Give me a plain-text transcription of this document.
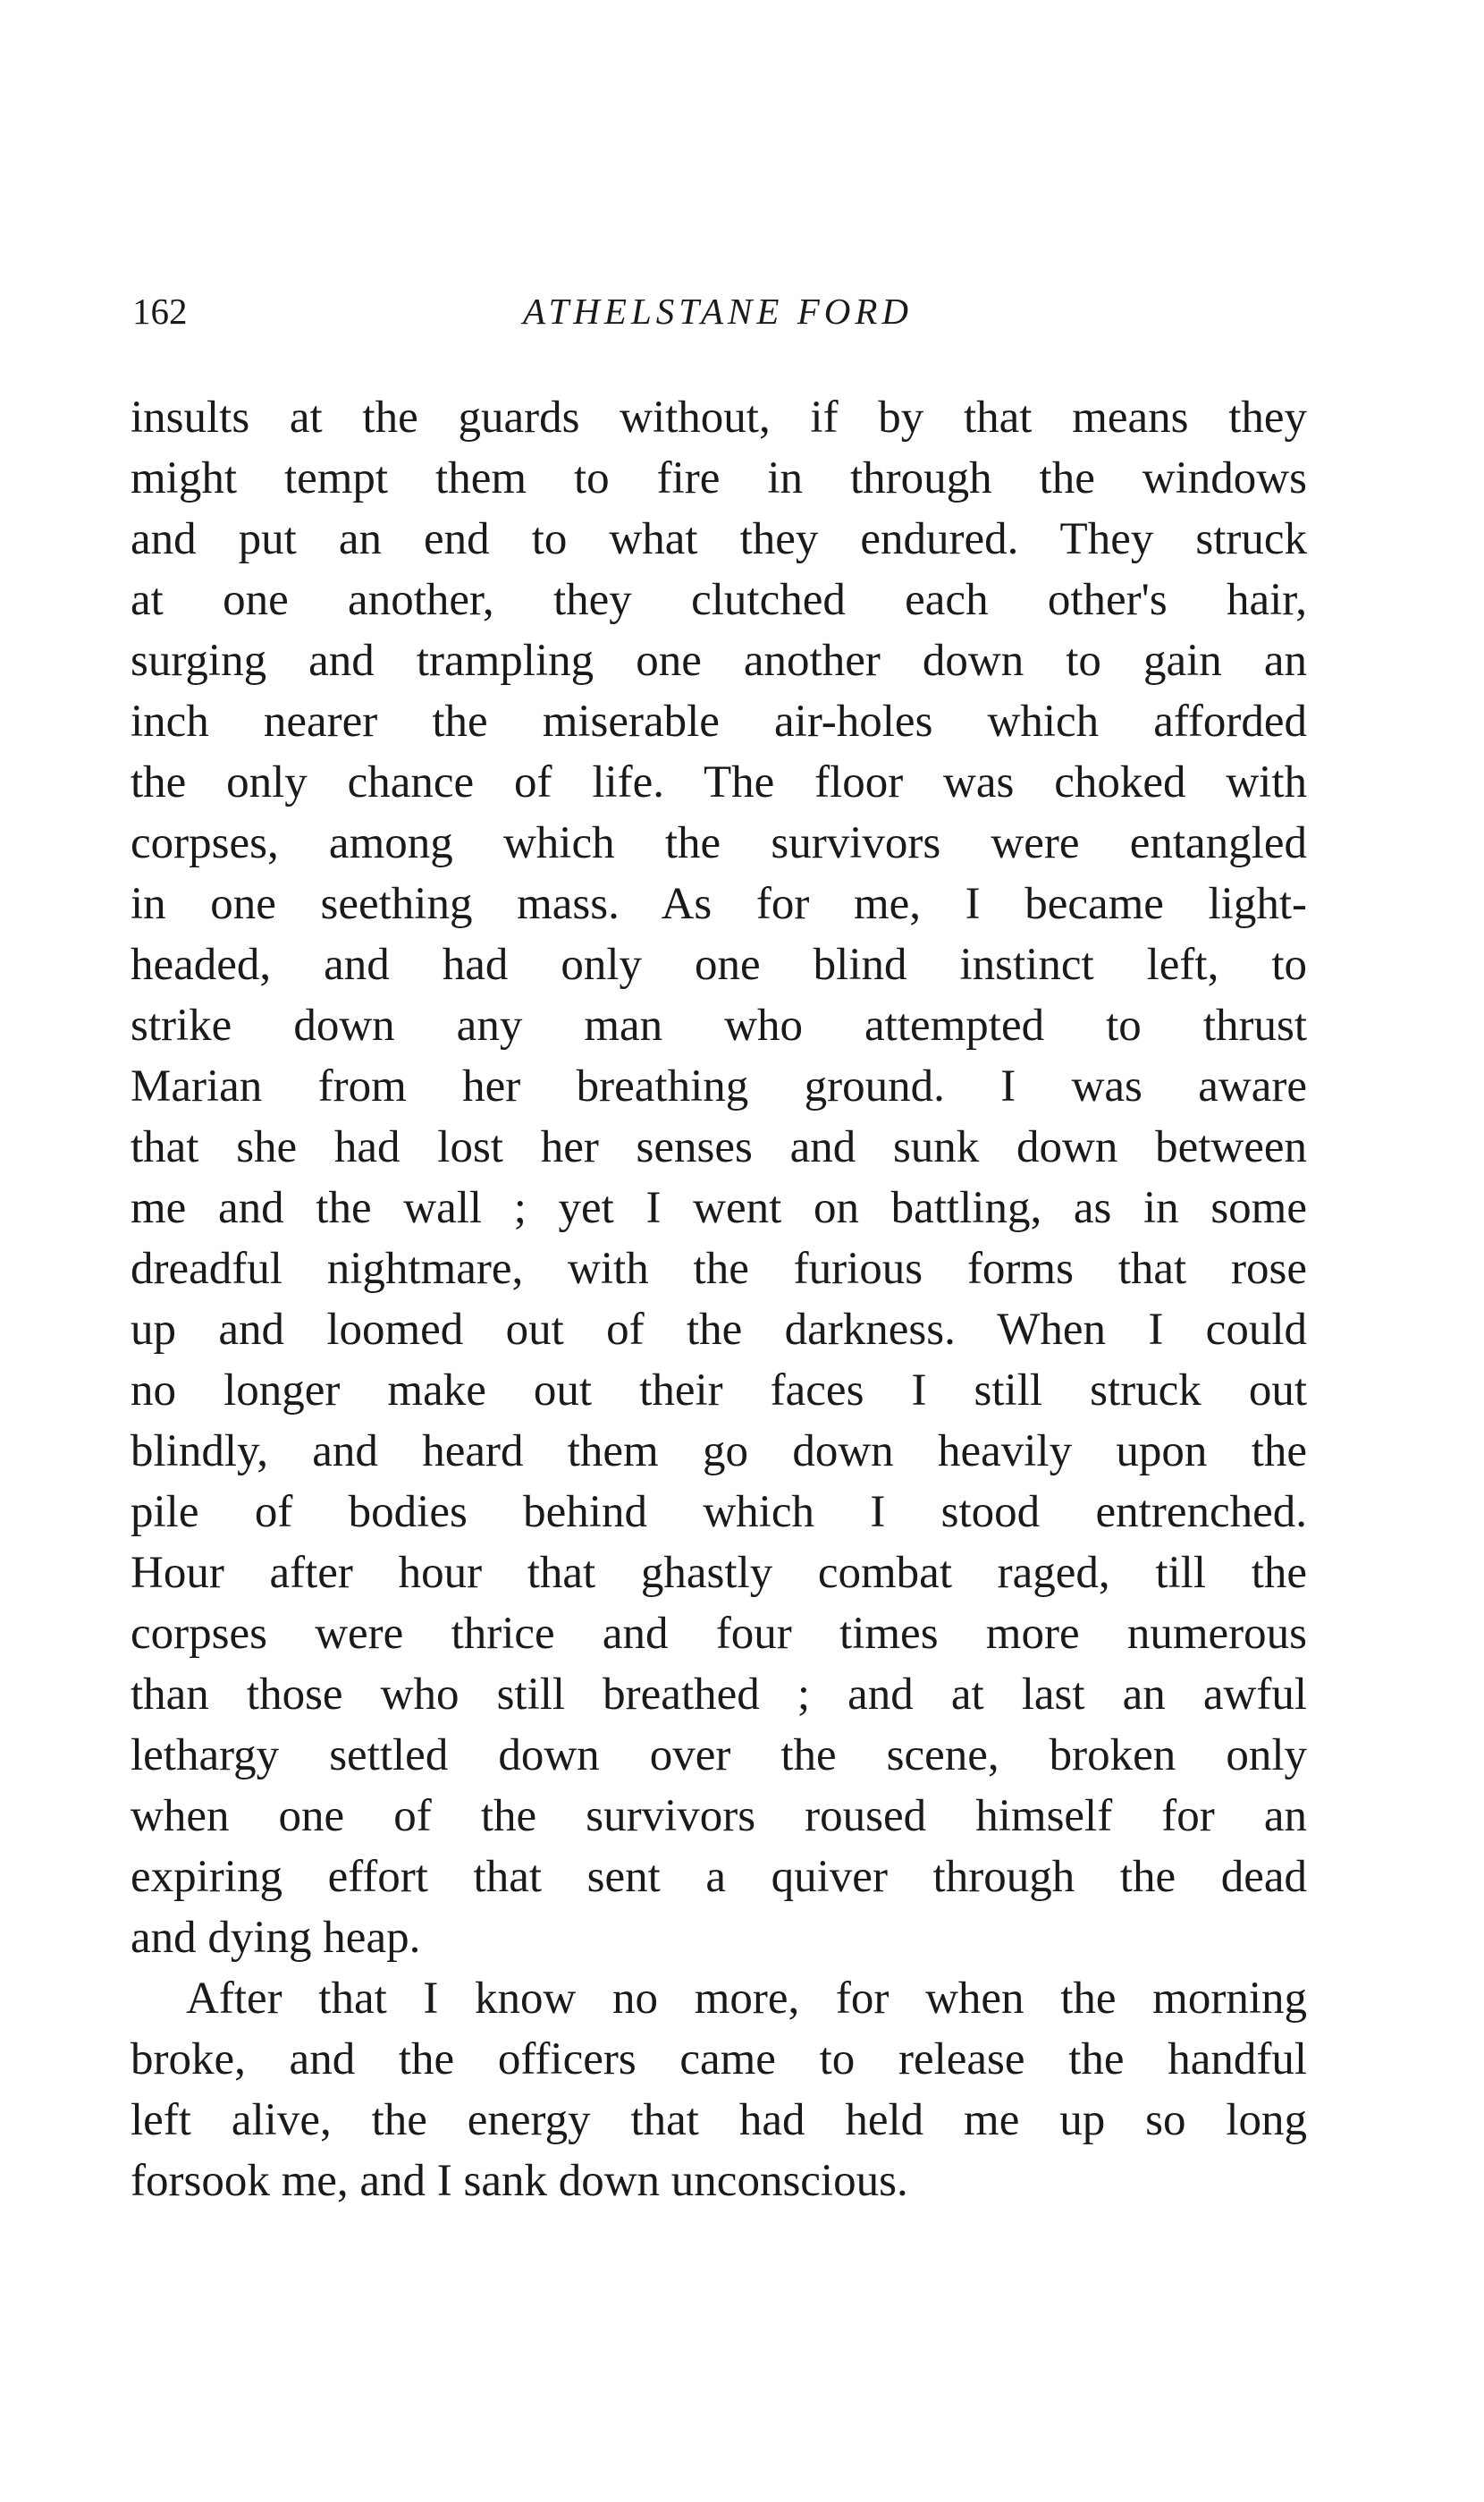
162	ATHELSTANE FORD
insults at the guards without, if by that means they
might tempt them to fire in through the windows
and put an end to what they endured. They struck
at one another, they clutched each other's hair,
surging and trampling one another down to gain an
inch nearer the miserable air-holes which afforded
the only chance of life. The floor was choked with
corpses, among which the survivors were entangled
in one seething mass. As for me, I became light-
headed, and had only one blind instinct left, to
strike down any man who attempted to thrust
Marian from her breathing ground. I was aware
that she had lost her senses and sunk down between
me and the wall ; yet I went on battling, as in some
dreadful nightmare, with the furious forms that rose
up and loomed out of the darkness. When I could
no longer make out their faces I still struck out
blindly, and heard them go down heavily upon the
pile of bodies behind which I stood entrenched.
Hour after hour that ghastly combat raged, till the
corpses were thrice and four times more numerous
than those who still breathed ; and at last an awful
lethargy settled down over the scene, broken only
when one of the survivors roused himself for an
expiring effort that sent a quiver through the dead
and dying heap.
After that I know no more, for when the morning
broke, and the officers came to release the handful
left alive, the energy that had held me up so long
forsook me, and I sank down unconscious.
